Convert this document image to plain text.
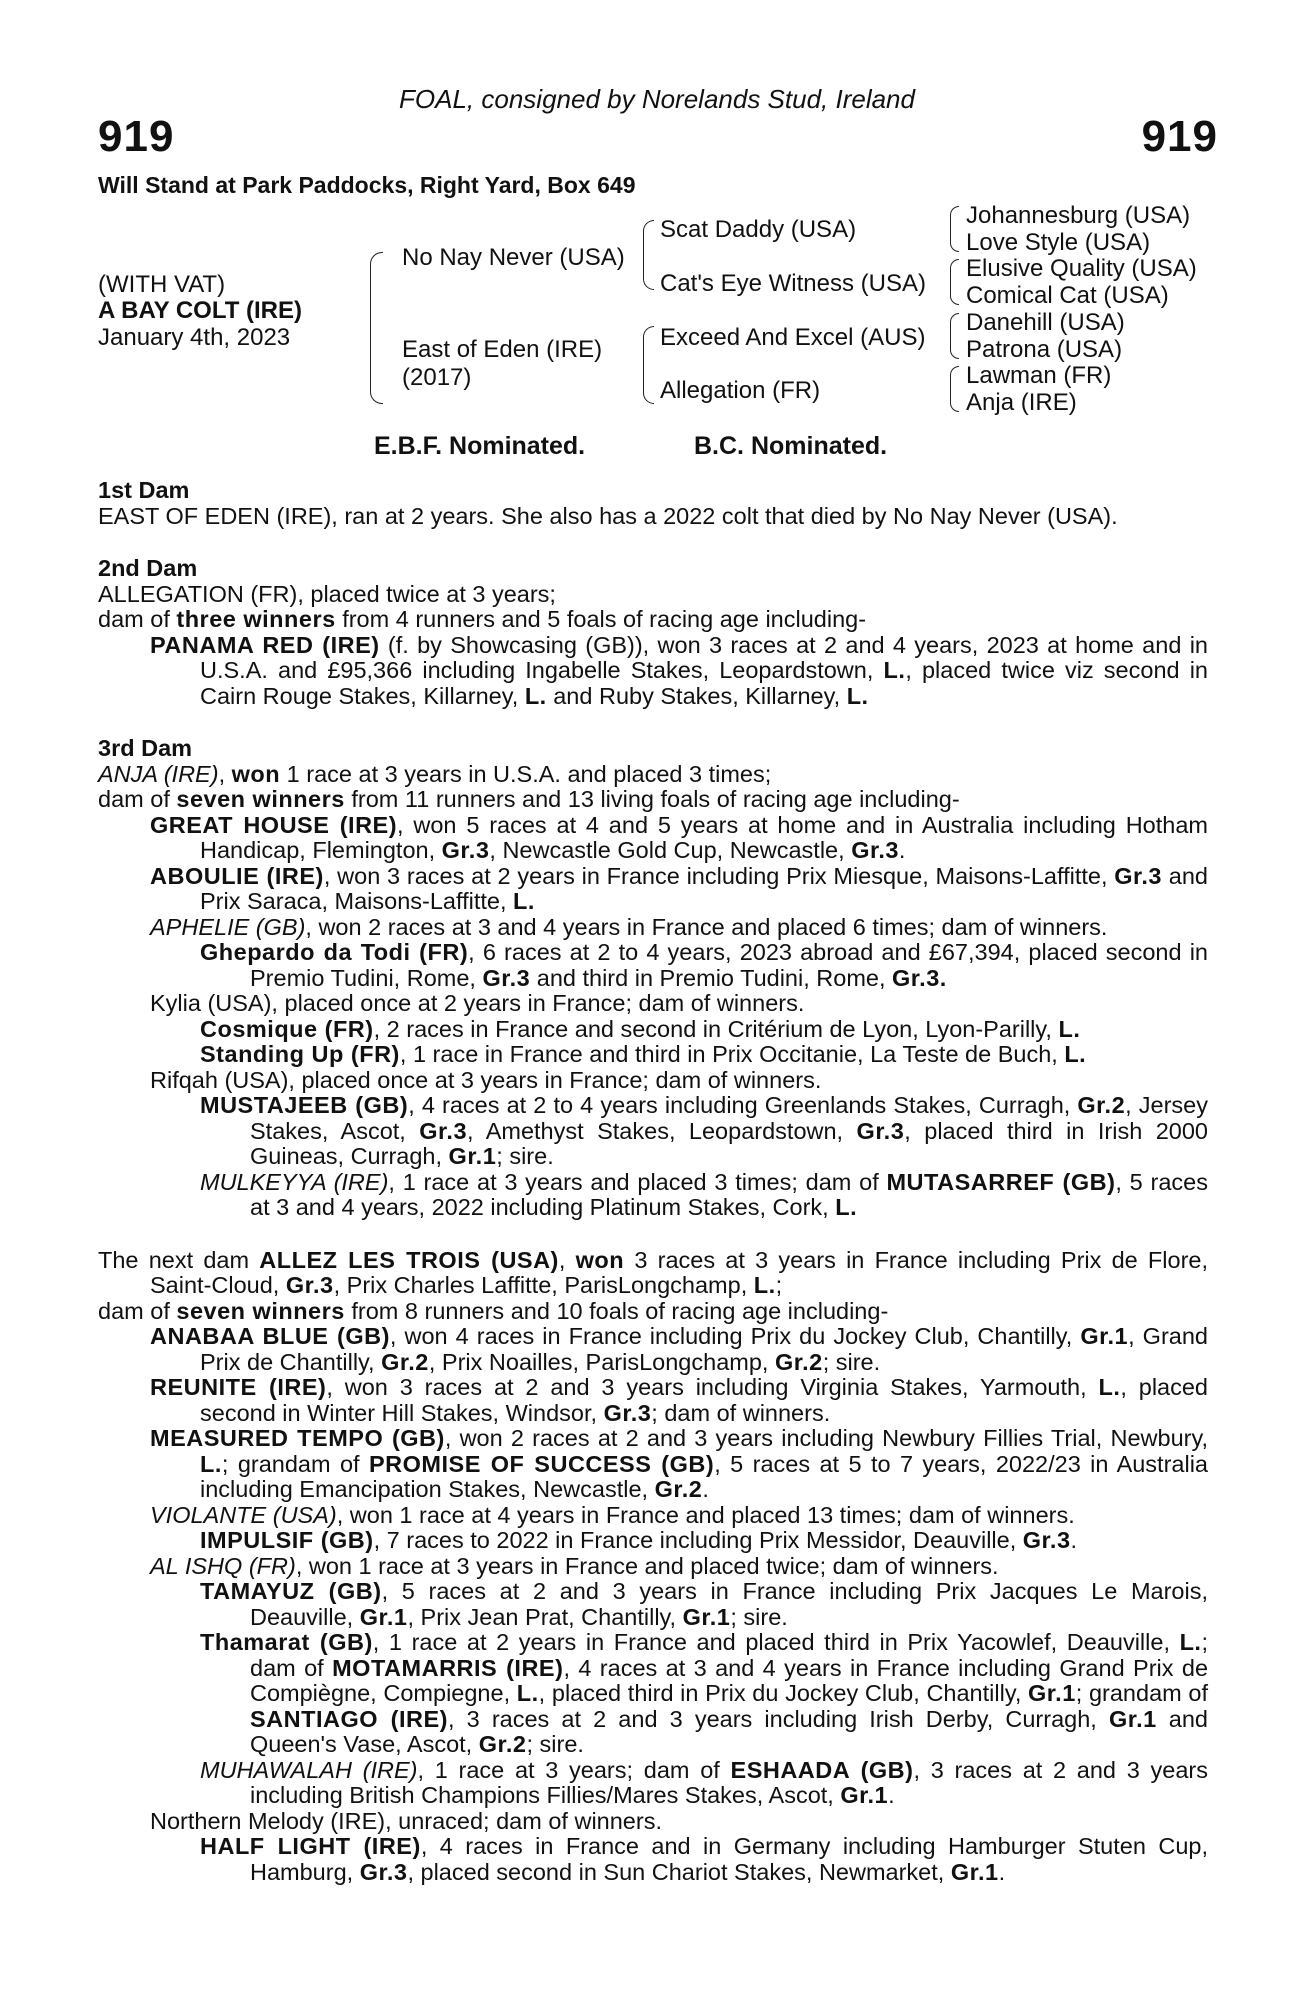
FOAL, consigned by Norelands Stud, Ireland
919	919
Will Stand at Park Paddocks, Right Yard, Box 649
(WITH VAT)
A BAY COLT (IRE)
January 4th, 2023
No Nay Never (USA)
East of Eden (IRE)
(2017)
Scat Daddy (USA)
Cat's Eye Witness (USA)
Exceed And Excel (AUS)
Allegation (FR)
Johannesburg (USA)
Love Style (USA)
Elusive Quality (USA)
Comical Cat (USA)
Danehill (USA)
Patrona (USA)
Lawman (FR)
Anja (IRE)
E.B.F. Nominated.	B.C. Nominated.
1st Dam
EAST OF EDEN (IRE), ran at 2 years. She also has a 2022 colt that died by No Nay Never (USA).
2nd Dam
ALLEGATION (FR), placed twice at 3 years;
dam of three winners from 4 runners and 5 foals of racing age including-
PANAMA RED (IRE) (f. by Showcasing (GB)), won 3 races at 2 and 4 years, 2023 at home and in U.S.A. and £95,366 including Ingabelle Stakes, Leopardstown, L., placed twice viz second in Cairn Rouge Stakes, Killarney, L. and Ruby Stakes, Killarney, L.
3rd Dam
ANJA (IRE), won 1 race at 3 years in U.S.A. and placed 3 times;
dam of seven winners from 11 runners and 13 living foals of racing age including-
GREAT HOUSE (IRE), won 5 races at 4 and 5 years at home and in Australia including Hotham Handicap, Flemington, Gr.3, Newcastle Gold Cup, Newcastle, Gr.3.
ABOULIE (IRE), won 3 races at 2 years in France including Prix Miesque, Maisons-Laffitte, Gr.3 and Prix Saraca, Maisons-Laffitte, L.
APHELIE (GB), won 2 races at 3 and 4 years in France and placed 6 times; dam of winners.
Ghepardo da Todi (FR), 6 races at 2 to 4 years, 2023 abroad and £67,394, placed second in Premio Tudini, Rome, Gr.3 and third in Premio Tudini, Rome, Gr.3.
Kylia (USA), placed once at 2 years in France; dam of winners.
Cosmique (FR), 2 races in France and second in Critérium de Lyon, Lyon-Parilly, L.
Standing Up (FR), 1 race in France and third in Prix Occitanie, La Teste de Buch, L.
Rifqah (USA), placed once at 3 years in France; dam of winners.
MUSTAJEEB (GB), 4 races at 2 to 4 years including Greenlands Stakes, Curragh, Gr.2, Jersey Stakes, Ascot, Gr.3, Amethyst Stakes, Leopardstown, Gr.3, placed third in Irish 2000 Guineas, Curragh, Gr.1; sire.
MULKEYYA (IRE), 1 race at 3 years and placed 3 times; dam of MUTASARREF (GB), 5 races at 3 and 4 years, 2022 including Platinum Stakes, Cork, L.
The next dam ALLEZ LES TROIS (USA), won 3 races at 3 years in France including Prix de Flore, Saint-Cloud, Gr.3, Prix Charles Laffitte, ParisLongchamp, L.;
dam of seven winners from 8 runners and 10 foals of racing age including-
ANABAA BLUE (GB), won 4 races in France including Prix du Jockey Club, Chantilly, Gr.1, Grand Prix de Chantilly, Gr.2, Prix Noailles, ParisLongchamp, Gr.2; sire.
REUNITE (IRE), won 3 races at 2 and 3 years including Virginia Stakes, Yarmouth, L., placed second in Winter Hill Stakes, Windsor, Gr.3; dam of winners.
MEASURED TEMPO (GB), won 2 races at 2 and 3 years including Newbury Fillies Trial, Newbury, L.; grandam of PROMISE OF SUCCESS (GB), 5 races at 5 to 7 years, 2022/23 in Australia including Emancipation Stakes, Newcastle, Gr.2.
VIOLANTE (USA), won 1 race at 4 years in France and placed 13 times; dam of winners.
IMPULSIF (GB), 7 races to 2022 in France including Prix Messidor, Deauville, Gr.3.
AL ISHQ (FR), won 1 race at 3 years in France and placed twice; dam of winners.
TAMAYUZ (GB), 5 races at 2 and 3 years in France including Prix Jacques Le Marois, Deauville, Gr.1, Prix Jean Prat, Chantilly, Gr.1; sire.
Thamarat (GB), 1 race at 2 years in France and placed third in Prix Yacowlef, Deauville, L.; dam of MOTAMARRIS (IRE), 4 races at 3 and 4 years in France including Grand Prix de Compiègne, Compiegne, L., placed third in Prix du Jockey Club, Chantilly, Gr.1; grandam of SANTIAGO (IRE), 3 races at 2 and 3 years including Irish Derby, Curragh, Gr.1 and Queen's Vase, Ascot, Gr.2; sire.
MUHAWALAH (IRE), 1 race at 3 years; dam of ESHAADA (GB), 3 races at 2 and 3 years including British Champions Fillies/Mares Stakes, Ascot, Gr.1.
Northern Melody (IRE), unraced; dam of winners.
HALF LIGHT (IRE), 4 races in France and in Germany including Hamburger Stuten Cup, Hamburg, Gr.3, placed second in Sun Chariot Stakes, Newmarket, Gr.1.
